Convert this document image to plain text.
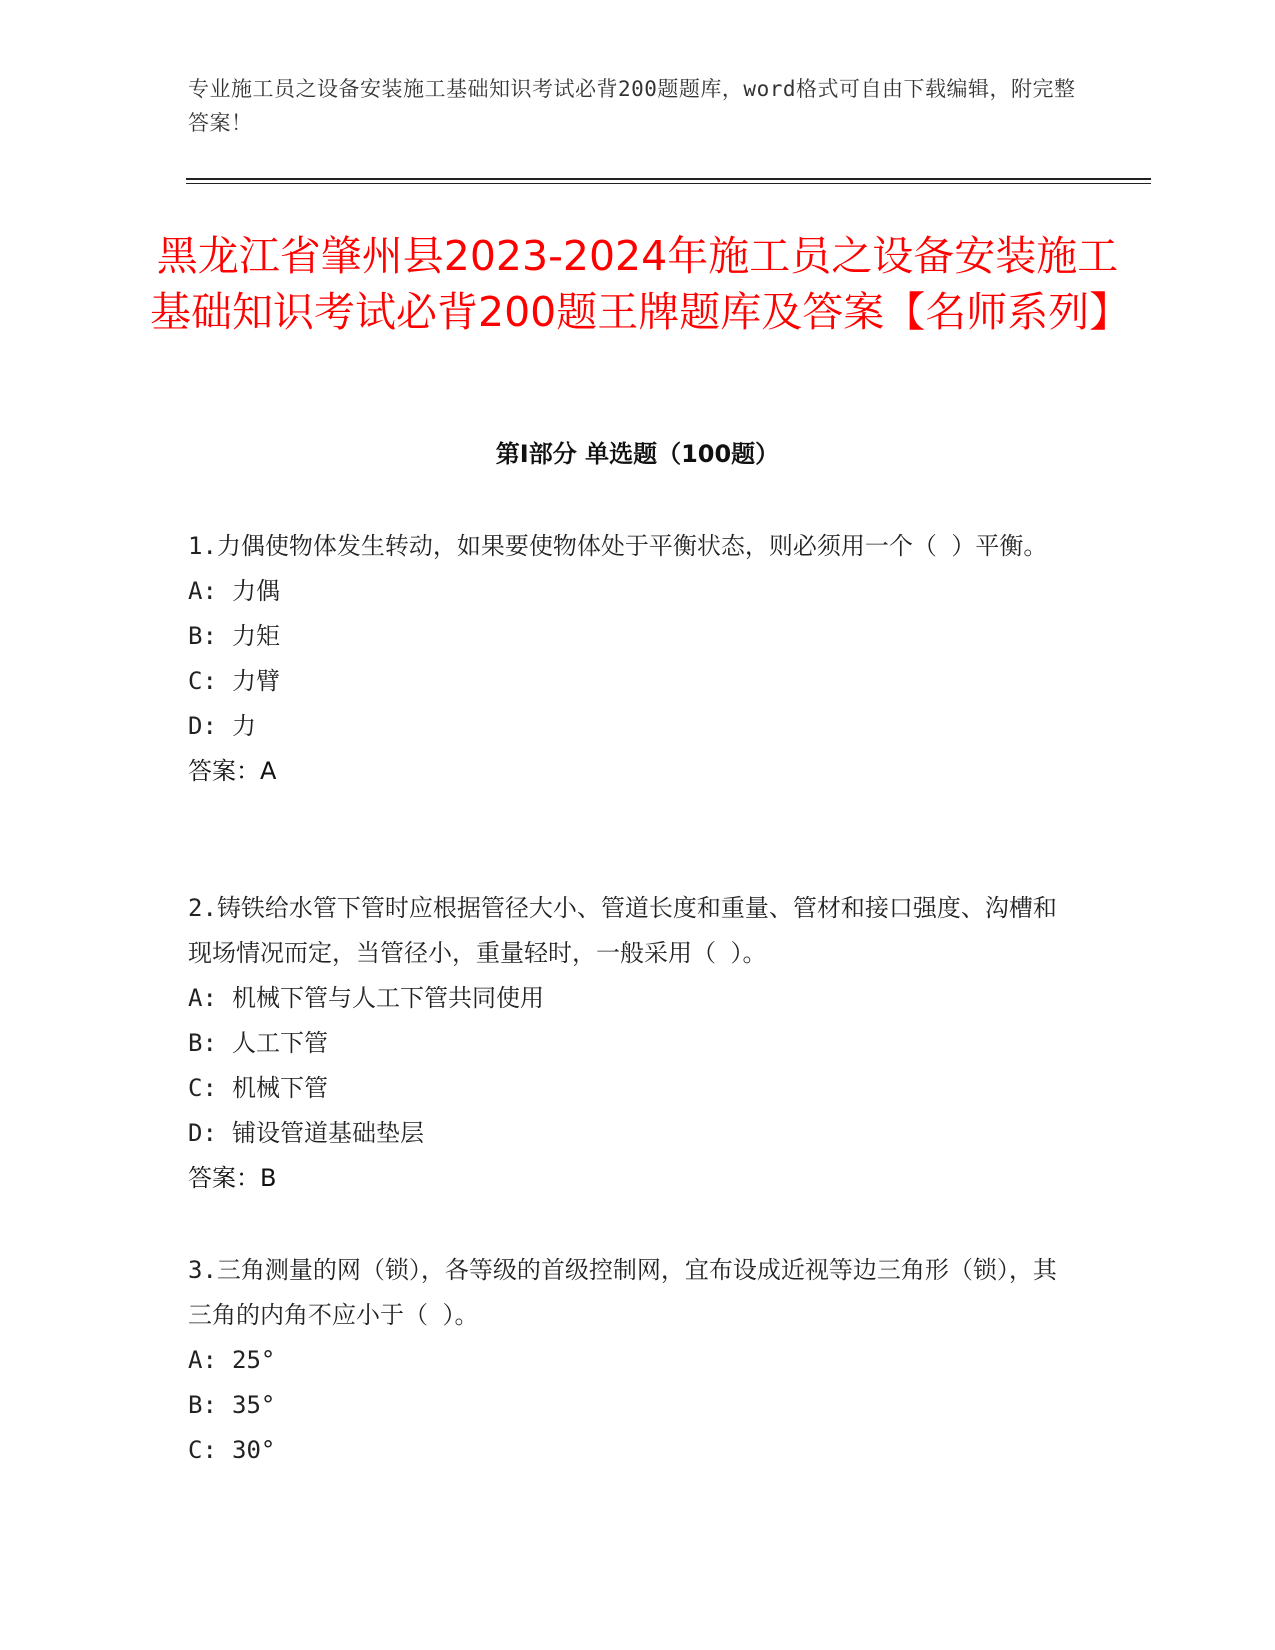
专业施工员之设备安装施工基础知识考试必背200题题库，word格式可自由下载编辑，附完整答案！
黑龙江省肇州县2023-2024年施工员之设备安装施工基础知识考试必背200题王牌题库及答案【名师系列】
第Ⅰ部分 单选题（100题）

1.力偶使物体发生转动，如果要使物体处于平衡状态，则必须用一个（ ）平衡。

A: 力偶

B: 力矩

C: 力臂

D: 力

答案：A

2.铸铁给水管下管时应根据管径大小、管道长度和重量、管材和接口强度、沟槽和现场情况而定，当管径小，重量轻时，一般采用（ ）。

A: 机械下管与人工下管共同使用

B: 人工下管

C: 机械下管

D: 铺设管道基础垫层

答案：B

3.三角测量的网（锁），各等级的首级控制网，宜布设成近视等边三角形（锁），其三角的内角不应小于（ ）。

A: 25°

B: 35°

C: 30°
